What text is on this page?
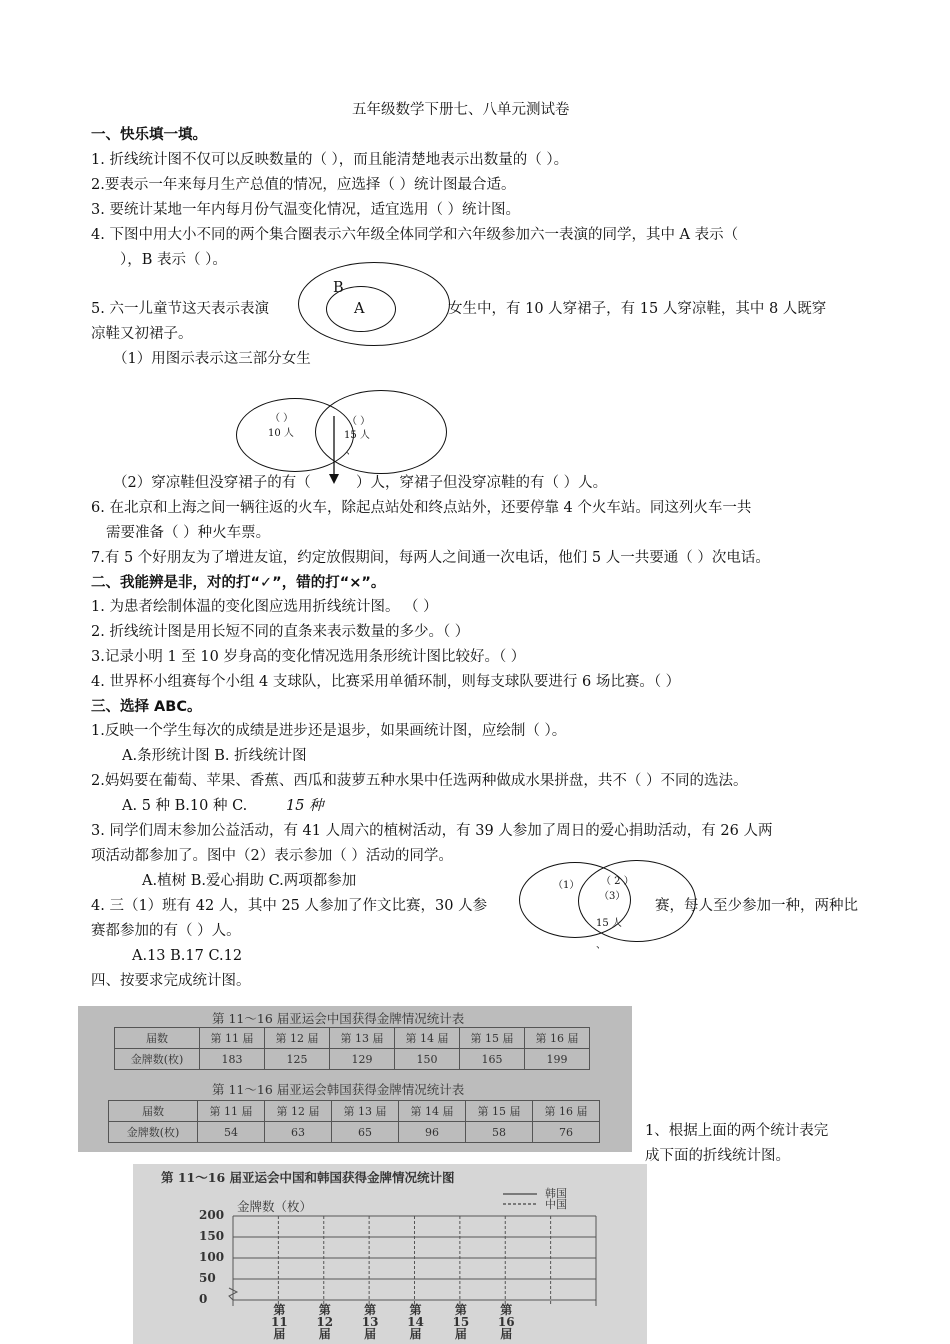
五年级数学下册七、八单元测试卷
一、快乐填一填。
1. 折线统计图不仅可以反映数量的（ ），而且能清楚地表示出数量的（ ）。
2.要表示一年来每月生产总值的情况，应选择（ ）统计图最合适。
3. 要统计某地一年内每月份气温变化情况，适宜选用（ ）统计图。
4. 下图中用大小不同的两个集合圈表示六年级全体同学和六年级参加六一表演的同学，其中 A 表示（
），B 表示（ ）。
B
A
5. 六一儿童节这天表示表演	女生中，有 10 人穿裙子，有 15 人穿凉鞋，其中 8 人既穿
凉鞋又初裙子。
（1）用图示表示这三部分女生
（ ）
10 人
（ ）
15 人
、
（2）穿凉鞋但没穿裙子的有（	）人，穿裙子但没穿凉鞋的有（ ）人。
6. 在北京和上海之间一辆往返的火车，除起点站处和终点站外，还要停靠 4 个火车站。同这列火车一共
需要准备（ ）种火车票。
7.有 5 个好朋友为了增进友谊，约定放假期间，每两人之间通一次电话，他们 5 人一共要通（ ）次电话。
二、我能辨是非，对的打“✓”，错的打“×”。
1. 为患者绘制体温的变化图应选用折线统计图。 （ ）
2. 折线统计图是用长短不同的直条来表示数量的多少。（ ）
3.记录小明 1 至 10 岁身高的变化情况选用条形统计图比较好。（ ）
4. 世界杯小组赛每个小组 4 支球队，比赛采用单循环制，则每支球队要进行 6 场比赛。（ ）
三、选择 ABC。
1.反映一个学生每次的成绩是进步还是退步，如果画统计图，应绘制（ ）。
A.条形统计图 B. 折线统计图
2.妈妈要在葡萄、苹果、香蕉、西瓜和菠萝五种水果中任选两种做成水果拼盘，共不（ ）不同的选法。
A. 5 种 B.10 种 C.	15 种
3. 同学们周末参加公益活动，有 41 人周六的植树活动，有 39 人参加了周日的爱心捐助活动，有 26 人两
项活动都参加了。图中（2）表示参加（ ）活动的同学。
A.植树 B.爱心捐助 C.两项都参加	（1） （ 2 ）
（3）
15 人
、
4. 三（1）班有 42 人，其中 25 人参加了作文比赛，30 人参	赛，每人至少参加一种，两种比
赛都参加的有（ ）人。
A.13 B.17 C.12
四、按要求完成统计图。
第 11～16 届亚运会中国获得金牌情况统计表
届数	第 11 届	第 12 届	第 13 届	第 14 届	第 15 届	第 16 届
金牌数(枚)	183	125	129	150	165	199
第 11～16 届亚运会韩国获得金牌情况统计表
届数	第 11 届	第 12 届	第 13 届	第 14 届	第 15 届	第 16 届
金牌数(枚)	54	63	65	96	58	76	1、根据上面的两个统计表完
成下面的折线统计图。
第 11～16 届亚运会中国和韩国获得金牌情况统计图
金牌数（枚）
韩国
中国
第
11
届
第
12
届
第
13
届
第
14
届
第
15
届
第
16
届
200
150
100
50
0
